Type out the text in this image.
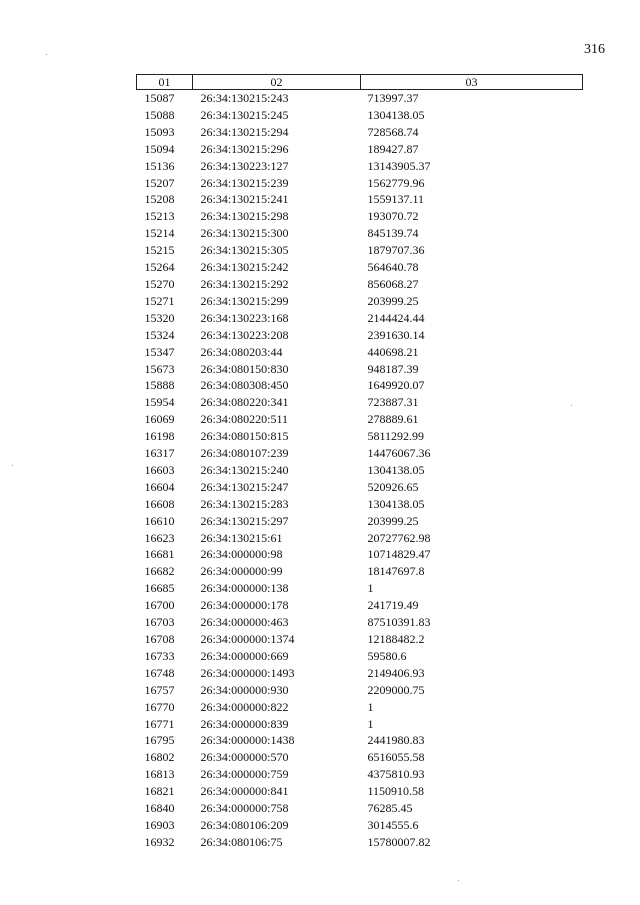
316
01	02	03
15087	26:34:130215:243	713997.37
15088	26:34:130215:245	1304138.05
15093	26:34:130215:294	728568.74
15094	26:34:130215:296	189427.87
15136	26:34:130223:127	13143905.37
15207	26:34:130215:239	1562779.96
15208	26:34:130215:241	1559137.11
15213	26:34:130215:298	193070.72
15214	26:34:130215:300	845139.74
15215	26:34:130215:305	1879707.36
15264	26:34:130215:242	564640.78
15270	26:34:130215:292	856068.27
15271	26:34:130215:299	203999.25
15320	26:34:130223:168	2144424.44
15324	26:34:130223:208	2391630.14
15347	26:34:080203:44	440698.21
15673	26:34:080150:830	948187.39
15888	26:34:080308:450	1649920.07
15954	26:34:080220:341	723887.31
16069	26:34:080220:511	278889.61
16198	26:34:080150:815	5811292.99
16317	26:34:080107:239	14476067.36
16603	26:34:130215:240	1304138.05
16604	26:34:130215:247	520926.65
16608	26:34:130215:283	1304138.05
16610	26:34:130215:297	203999.25
16623	26:34:130215:61	20727762.98
16681	26:34:000000:98	10714829.47
16682	26:34:000000:99	18147697.8
16685	26:34:000000:138	1
16700	26:34:000000:178	241719.49
16703	26:34:000000:463	87510391.83
16708	26:34:000000:1374	12188482.2
16733	26:34:000000:669	59580.6
16748	26:34:000000:1493	2149406.93
16757	26:34:000000:930	2209000.75
16770	26:34:000000:822	1
16771	26:34:000000:839	1
16795	26:34:000000:1438	2441980.83
16802	26:34:000000:570	6516055.58
16813	26:34:000000:759	4375810.93
16821	26:34:000000:841	1150910.58
16840	26:34:000000:758	76285.45
16903	26:34:080106:209	3014555.6
16932	26:34:080106:75	15780007.82
